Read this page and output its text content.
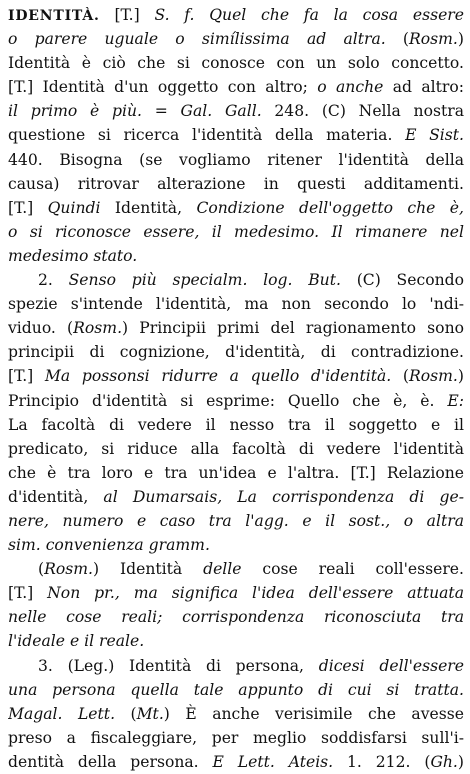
IDENTITÀ. [T.] S. f. Quel che fa la cosa essere
o parere uguale o simílissima ad altra. (Rosm.)
Identità è ciò che si conosce con un solo concetto.
[T.] Identità d'un oggetto con altro; o anche ad altro:
il primo è più. = Gal. Gall. 248. (C) Nella nostra
questione si ricerca l'identità della materia. E Sist.
440. Bisogna (se vogliamo ritener l'identità della
causa) ritrovar alterazione in questi additamenti.
[T.] Quindi Identità, Condizione dell'oggetto che è,
o si riconosce essere, il medesimo. Il rimanere nel
medesimo stato.
2. Senso più specialm. log. But. (C) Secondo
spezie s'intende l'identità, ma non secondo lo 'ndi-
viduo. (Rosm.) Principii primi del ragionamento sono
principii di cognizione, d'identità, di contradizione.
[T.] Ma possonsi ridurre a quello d'identità. (Rosm.)
Principio d'identità si esprime: Quello che è, è. E:
La facoltà di vedere il nesso tra il soggetto e il
predicato, si riduce alla facoltà di vedere l'identità
che è tra loro e tra un'idea e l'altra. [T.] Relazione
d'identità, al Dumarsais, La corrispondenza di ge-
nere, numero e caso tra l'agg. e il sost., o altra
sim. convenienza gramm.
(Rosm.) Identità delle cose reali coll'essere.
[T.] Non pr., ma significa l'idea dell'essere attuata
nelle cose reali; corrispondenza riconosciuta tra
l'ideale e il reale.
3. (Leg.) Identità di persona, dicesi dell'essere
una persona quella tale appunto di cui si tratta.
Magal. Lett. (Mt.) È anche verisimile che avesse
preso a fiscaleggiare, per meglio soddisfarsi sull'i-
dentità della persona. E Lett. Ateis. 1. 212. (Gh.)
